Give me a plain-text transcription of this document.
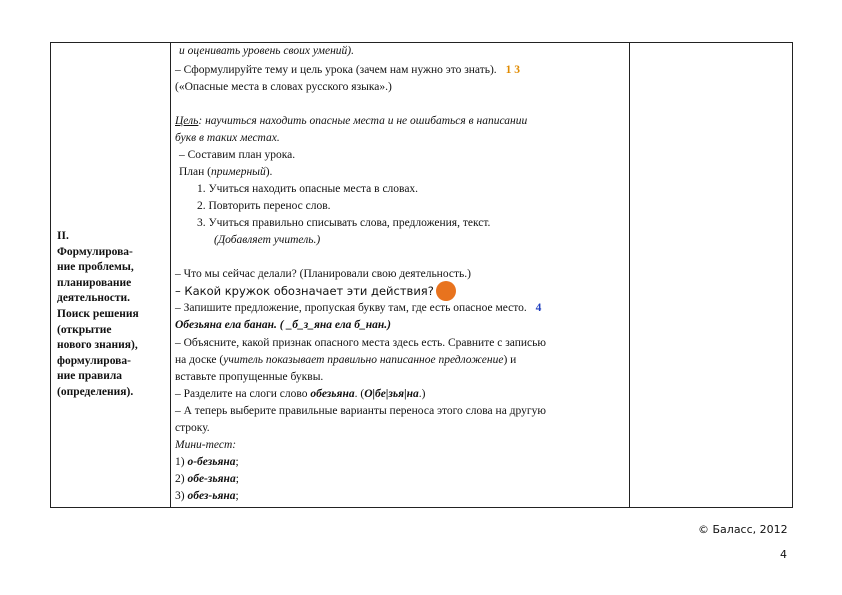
II.
Формулирова-
ние проблемы,
планирование
деятельности.
Поиск решения
(открытие
нового знания),
формулирова-
ние правила
(определения).
и оценивать уровень своих умений).
– Сформулируйте тему и цель урока (зачем нам нужно это знать). 1 3
(«Опасные места в словах русского языка».)
Цель: научиться находить опасные места и не ошибаться в написании
букв в таких местах.
– Составим план урока.
План (примерный).
1. Учиться находить опасные места в словах.
2. Повторить перенос слов.
3. Учиться правильно списывать слова, предложения, текст.
(Добавляет учитель.)
– Что мы сейчас делали? (Планировали свою деятельность.)
– Какой кружок обозначает эти действия?
– Запишите предложение, пропуская букву там, где есть опасное место. 4
Обезьяна ела банан. ( _б_з_яна ела б_нан.)
– Объясните, какой признак опасного места здесь есть. Сравните с записью
на доске (учитель показывает правильно написанное предложение) и
вставьте пропущенные буквы.
– Разделите на слоги слово обезьяна. (О|бе|зья|на.)
– А теперь выберите правильные варианты переноса этого слова на другую
строку.
Мини-тест:
1) о-безьяна;
2) обе-зьяна;
3) обез-ьяна;
© Баласс, 2012
4
